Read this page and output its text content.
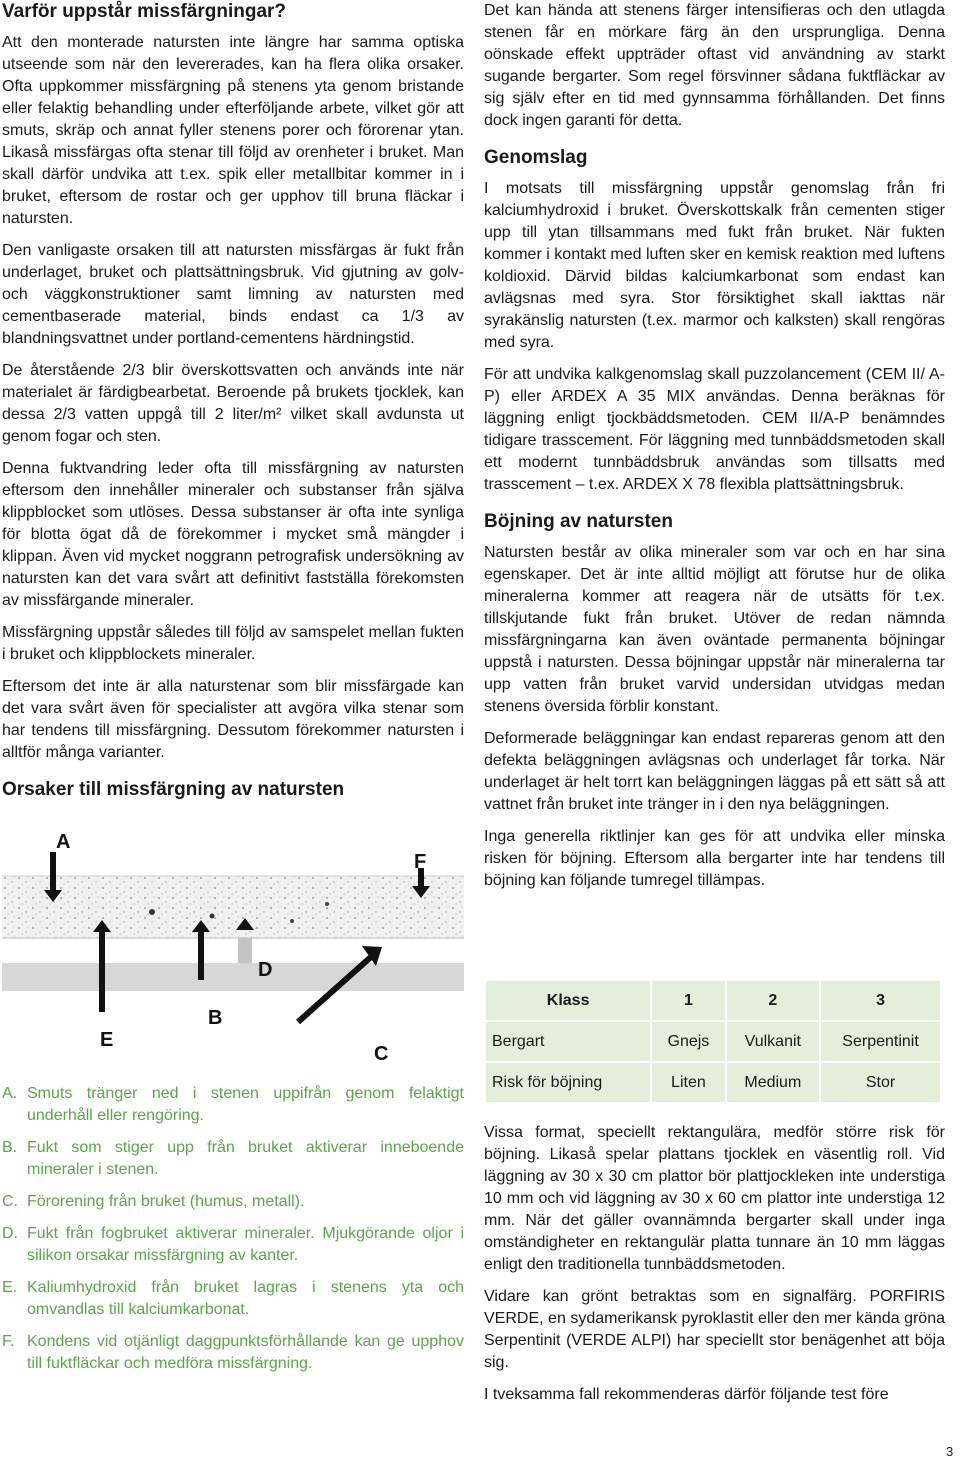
Varför uppstår missfärgningar?

Att den monterade natursten inte längre har samma optiska utseende som när den levererades, kan ha flera olika orsaker. Ofta uppkommer missfärgning på stenens yta genom bristande eller felaktig behandling under efterföljande arbete, vilket gör att smuts, skräp och annat fyller stenens porer och förorenar ytan. Likaså missfärgas ofta stenar till följd av orenheter i bruket. Man skall därför undvika att t.ex. spik eller metallbitar kommer in i bruket, eftersom de rostar och ger upphov till bruna fläckar i natursten.

Den vanligaste orsaken till att natursten missfärgas är fukt från underlaget, bruket och plattsättningsbruk. Vid gjutning av golv- och väggkonstruktioner samt limning av natursten med cementbaserade material, binds endast ca 1/3 av blandningsvattnet under portland-cementens härdningstid.

De återstående 2/3 blir överskottsvatten och används inte när materialet är färdigbearbetat. Beroende på brukets tjocklek, kan dessa 2/3 vatten uppgå till 2 liter/m² vilket skall avdunsta ut genom fogar och sten.

Denna fuktvandring leder ofta till missfärgning av natursten eftersom den innehåller mineraler och substanser från själva klippblocket som utlöses. Dessa substanser är ofta inte synliga för blotta ögat då de förekommer i mycket små mängder i klippan. Även vid mycket noggrann petrografisk undersökning av natursten kan det vara svårt att definitivt fastställa förekomsten av missfärgande mineraler.

Missfärgning uppstår således till följd av samspelet mellan fukten i bruket och klippblockets mineraler.

Eftersom det inte är alla naturstenar som blir missfärgade kan det vara svårt även för specialister att avgöra vilka stenar som har tendens till missfärgning. Dessutom förekommer natursten i alltför många varianter.

Orsaker till missfärgning av natursten
A
F
D
B
E
C
A. Smuts tränger ned i stenen uppifrån genom felaktigt underhåll eller rengöring.
B. Fukt som stiger upp från bruket aktiverar inneboende mineraler i stenen.
C. Förorening från bruket (humus, metall).
D. Fukt från fogbruket aktiverar mineraler. Mjukgörande oljor i silikon orsakar missfärgning av kanter.
E. Kaliumhydroxid från bruket lagras i stenens yta och omvandlas till kalciumkarbonat.
F. Kondens vid otjänligt daggpunktsförhållande kan ge upphov till fuktfläckar och medföra missfärgning.

Det kan hända att stenens färger intensifieras och den utlagda stenen får en mörkare färg än den ursprungliga. Denna oönskade effekt uppträder oftast vid användning av starkt sugande bergarter. Som regel försvinner sådana fuktfläckar av sig själv efter en tid med gynnsamma förhållanden. Det finns dock ingen garanti för detta.

Genomslag

I motsats till missfärgning uppstår genomslag från fri kalciumhydroxid i bruket. Överskottskalk från cementen stiger upp till ytan tillsammans med fukt från bruket. När fukten kommer i kontakt med luften sker en kemisk reaktion med luftens koldioxid. Därvid bildas kalciumkarbonat som endast kan avlägsnas med syra. Stor försiktighet skall iakttas när syrakänslig natursten (t.ex. marmor och kalksten) skall rengöras med syra.

För att undvika kalkgenomslag skall puzzolancement (CEM II/ A-P) eller ARDEX A 35 MIX användas. Denna beräknas för läggning enligt tjockbäddsmetoden. CEM II/A-P benämndes tidigare trasscement. För läggning med tunnbäddsmetoden skall ett modernt tunnbäddsbruk användas som tillsatts med trasscement – t.ex. ARDEX X 78 flexibla plattsättningsbruk.

Böjning av natursten

Natursten består av olika mineraler som var och en har sina egenskaper. Det är inte alltid möjligt att förutse hur de olika mineralerna kommer att reagera när de utsätts för t.ex. tillskjutande fukt från bruket. Utöver de redan nämnda missfärgningarna kan även oväntade permanenta böjningar uppstå i natursten. Dessa böjningar uppstår när mineralerna tar upp vatten från bruket varvid undersidan utvidgas medan stenens översida förblir konstant.

Deformerade beläggningar kan endast repareras genom att den defekta beläggningen avlägsnas och underlaget får torka. När underlaget är helt torrt kan beläggningen läggas på ett sätt så att vattnet från bruket inte tränger in i den nya beläggningen.

Inga generella riktlinjer kan ges för att undvika eller minska risken för böjning. Eftersom alla bergarter inte har tendens till böjning kan följande tumregel tillämpas.

Klass	1	2	3
Bergart	Gnejs	Vulkanit	Serpentinit
Risk för böjning	Liten	Medium	Stor

Vissa format, speciellt rektangulära, medför större risk för böjning. Likaså spelar plattans tjocklek en väsentlig roll. Vid läggning av 30 x 30 cm plattor bör plattjockleken inte understiga 10 mm och vid läggning av 30 x 60 cm plattor inte understiga 12 mm. När det gäller ovannämnda bergarter skall under inga omständigheter en rektangulär platta tunnare än 10 mm läggas enligt den traditionella tunnbäddsmetoden.

Vidare kan grönt betraktas som en signalfärg. PORFIRIS VERDE, en sydamerikansk pyroklastit eller den mer kända gröna Serpentinit (VERDE ALPI) har speciellt stor benägenhet att böja sig.

I tveksamma fall rekommenderas därför följande test före

3
